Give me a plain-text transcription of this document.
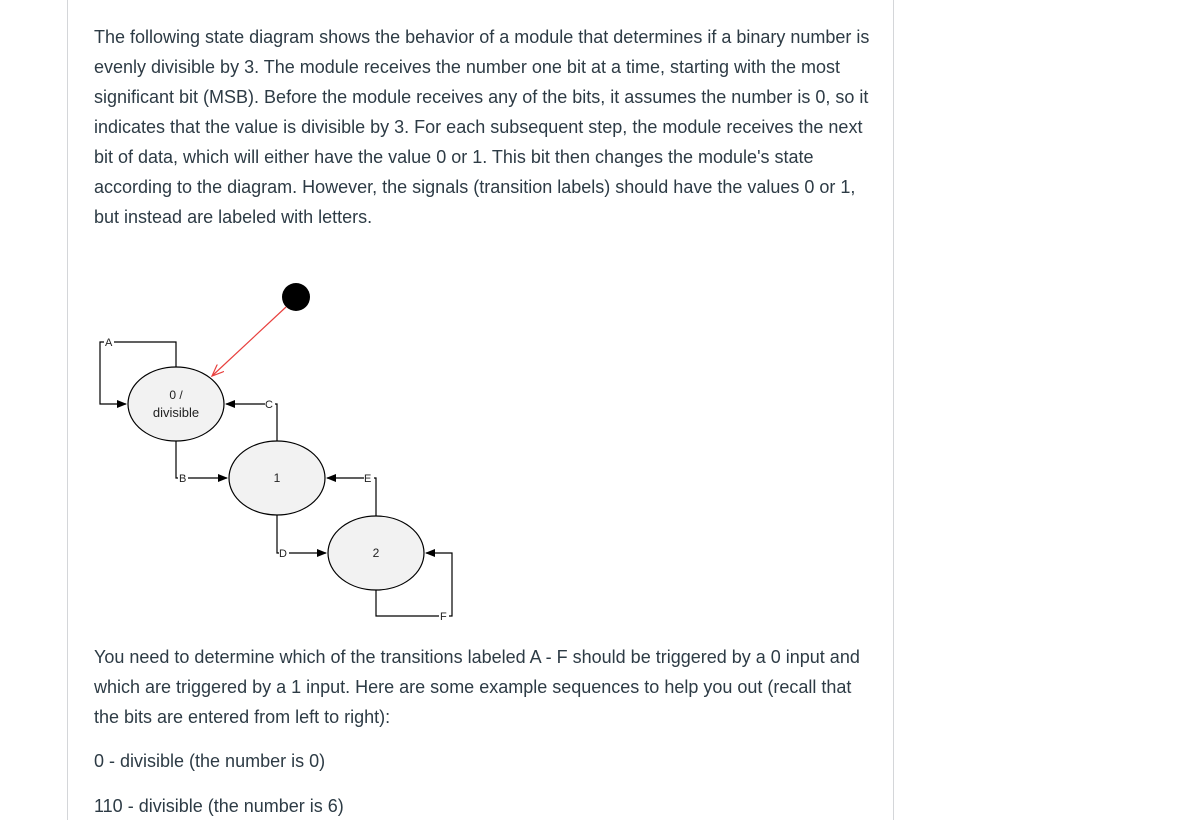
The following state diagram shows the behavior of a module that determines if a binary number is evenly divisible by 3. The module receives the number one bit at a time, starting with the most significant bit (MSB). Before the module receives any of the bits, it assumes the number is 0, so it indicates that the value is divisible by 3. For each subsequent step, the module receives the next bit of data, which will either have the value 0 or 1. This bit then changes the module's state according to the diagram. However, the signals (transition labels) should have the values 0 or 1, but instead are labeled with letters.

0 /
divisible
1
2
A
B
C
D
E
F

You need to determine which of the transitions labeled A - F should be triggered by a 0 input and which are triggered by a 1 input. Here are some example sequences to help you out (recall that the bits are entered from left to right):

0 - divisible (the number is 0)

110 - divisible (the number is 6)
